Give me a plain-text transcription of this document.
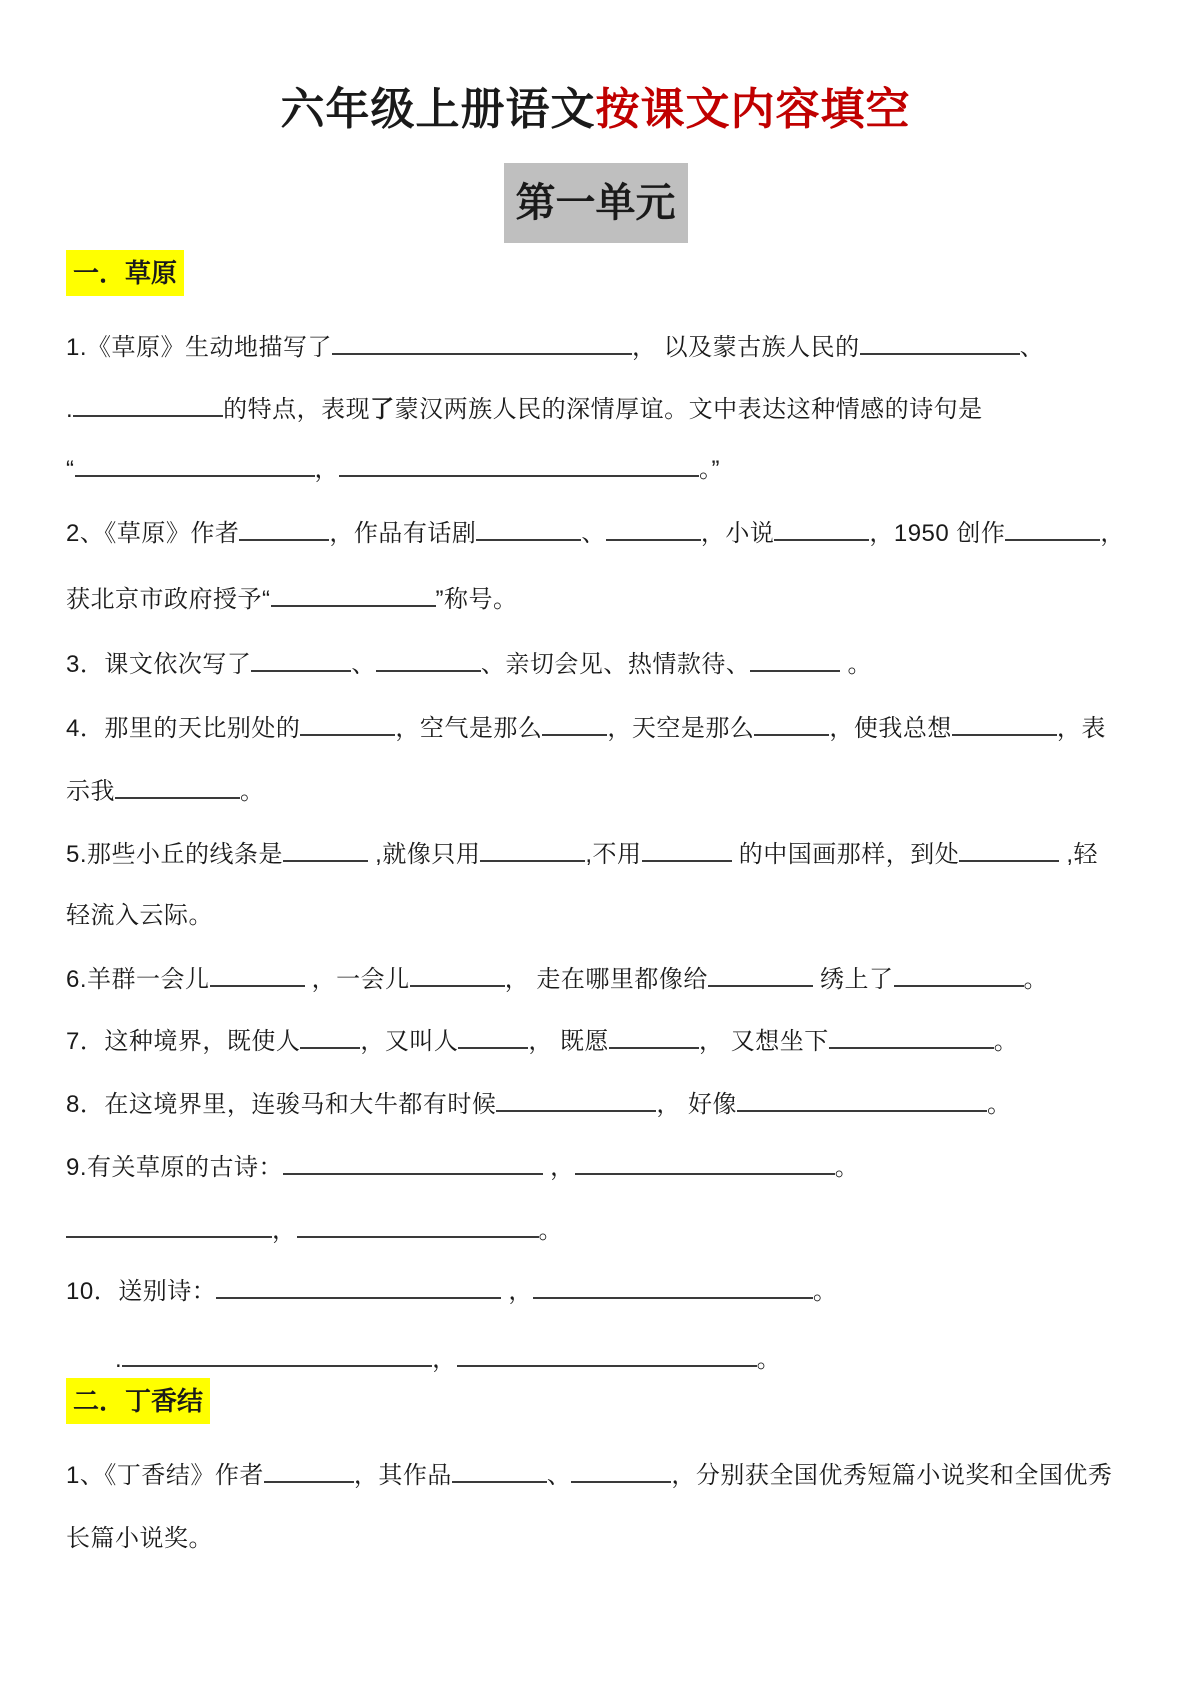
六年级上册语文按课文内容填空
第一单元
一．草原
二．丁香结
1.《草原》生动地描写了	， 以及蒙古族人民的	、
.	的特点，表现了蒙汉两族人民的深情厚谊。文中表达这种情感的诗句是
“	，	。”
2、《草原》作者	，作品有话剧	、	，小说	，1950 创作	，
获北京市政府授予“	”称号。
3．课文依次写了	、	、亲切会见、热情款待、	。
4．那里的天比别处的	，空气是那么	，天空是那么	，使我总想	，表
示我	。
5.那些小丘的线条是	,就像只用	,不用	的中国画那样，到处	,轻
轻流入云际。
6.羊群一会儿	，一会儿	， 走在哪里都像给	绣上了	。
7．这种境界，既使人	，又叫人	， 既愿	， 又想坐下	。
8．在这境界里，连骏马和大牛都有时候	， 好像	。
9.有关草原的古诗：	，	。
，	。
10．送别诗：	，	。
.	，	。
1、《丁香结》作者	，其作品	、	，分别获全国优秀短篇小说奖和全国优秀
长篇小说奖。
